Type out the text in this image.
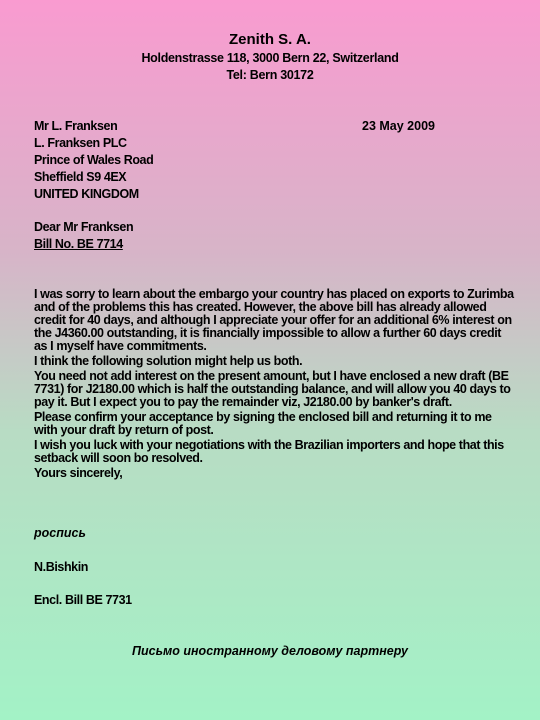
Zenith S. A.
Holdenstrasse 118, 3000 Bern 22, Switzerland
Tel: Bern 30172
Mr L. Franksen	23 May 2009
L. Franksen PLC
Prince of Wales Road
Sheffield S9 4EX
UNITED KINGDOM
Dear Mr Franksen
Bill No. BE 7714

I was sorry to learn about the embargo your country has placed on exports to Zurimba and of the problems this has created. However, the above bill has already allowed credit for 40 days, and although I appreciate your offer for an additional 6% interest on the J4360.00 outstanding, it is financially impossible to allow a further 60 days credit as I myself have commitments.

I think the following solution might help us both.

You need not add interest on the present amount, but I have enclosed a new draft (BE 7731) for J2180.00 which is half the outstanding balance, and will allow you 40 days to pay it. But I expect you to pay the remainder viz, J2180.00 by banker's draft.

Please confirm your acceptance by signing the enclosed bill and returning it to me with your draft by return of post.

I wish you luck with your negotiations with the Brazilian importers and hope that this setback will soon bo resolved.

Yours sincerely,

роспись
N.Bishkin
Encl. Bill BE 7731
Письмо иностранному деловому партнеру
